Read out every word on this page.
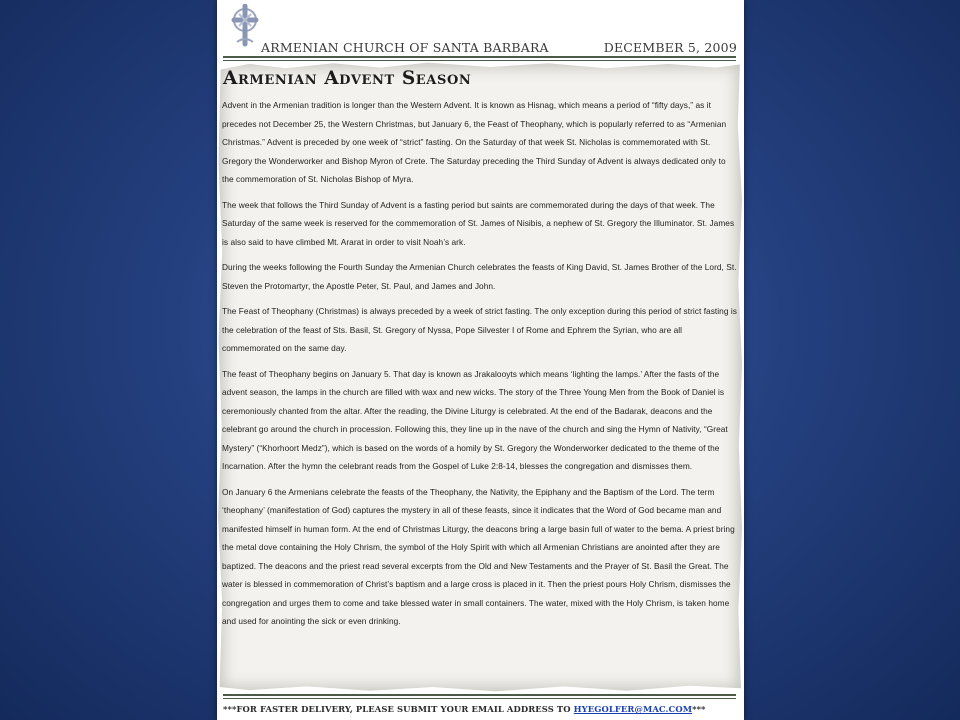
ARMENIAN CHURCH OF SANTA BARBARA	DECEMBER 5, 2009
Armenian Advent Season

Advent in the Armenian tradition is longer than the Western Advent. It is known as Hisnag, which means a period of “fifty days,” as it precedes not December 25, the Western Christmas, but January 6, the Feast of Theophany, which is popularly referred to as “Armenian Christmas.” Advent is preceded by one week of “strict” fasting. On the Saturday of that week St. Nicholas is commemorated with St. Gregory the Wonderworker and Bishop Myron of Crete. The Saturday preceding the Third Sunday of Advent is always dedicated only to the commemoration of St. Nicholas Bishop of Myra.

The week that follows the Third Sunday of Advent is a fasting period but saints are commemorated during the days of that week. The Saturday of the same week is reserved for the commemoration of St. James of Nisibis, a nephew of St. Gregory the Illuminator. St. James is also said to have climbed Mt. Ararat in order to visit Noah’s ark.

During the weeks following the Fourth Sunday the Armenian Church celebrates the feasts of King David, St. James Brother of the Lord, St. Steven the Protomartyr, the Apostle Peter, St. Paul, and James and John.

The Feast of Theophany (Christmas) is always preceded by a week of strict fasting. The only exception during this period of strict fasting is the celebration of the feast of Sts. Basil, St. Gregory of Nyssa, Pope Silvester I of Rome and Ephrem the Syrian, who are all commemorated on the same day.

The feast of Theophany begins on January 5. That day is known as Jrakalooyts which means ‘lighting the lamps.’ After the fasts of the advent season, the lamps in the church are filled with wax and new wicks. The story of the Three Young Men from the Book of Daniel is ceremoniously chanted from the altar. After the reading, the Divine Liturgy is celebrated. At the end of the Badarak, deacons and the celebrant go around the church in procession. Following this, they line up in the nave of the church and sing the Hymn of Nativity, “Great Mystery” (“Khorhoort Medz”), which is based on the words of a homily by St. Gregory the Wonderworker dedicated to the theme of the Incarnation. After the hymn the celebrant reads from the Gospel of Luke 2:8-14, blesses the congregation and dismisses them.

On January 6 the Armenians celebrate the feasts of the Theophany, the Nativity, the Epiphany and the Baptism of the Lord. The term ‘theophany’ (manifestation of God) captures the mystery in all of these feasts, since it indicates that the Word of God became man and manifested himself in human form. At the end of Christmas Liturgy, the deacons bring a large basin full of water to the bema. A priest bring the metal dove containing the Holy Chrism, the symbol of the Holy Spirit with which all Armenian Christians are anointed after they are baptized. The deacons and the priest read several excerpts from the Old and New Testaments and the Prayer of St. Basil the Great. The water is blessed in commemoration of Christ’s baptism and a large cross is placed in it. Then the priest pours Holy Chrism, dismisses the congregation and urges them to come and take blessed water in small containers. The water, mixed with the Holy Chrism, is taken home and used for anointing the sick or even drinking.

***FOR FASTER DELIVERY, PLEASE SUBMIT YOUR EMAIL ADDRESS TO HYEGOLFER@MAC.COM***
